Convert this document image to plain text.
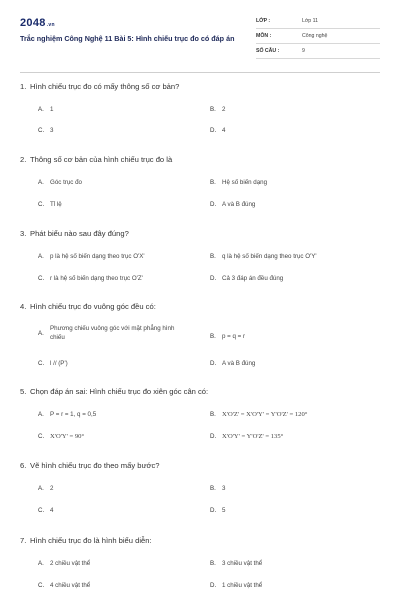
2048.vn
Trắc nghiệm Công Nghệ 11 Bài 5: Hình chiếu trục đo có đáp án
LỚP :	Lớp 11
MÔN :	Công nghệ
SỐ CÂU :	9
1. Hình chiếu trục đo có mấy thông số cơ bản?
A. 1	B. 2
C. 3	D. 4
2. Thông số cơ bản của hình chiếu trục đo là
A. Góc trục đo	B. Hệ số biến dạng
C. Tỉ lệ	D. A và B đúng
3. Phát biểu nào sau đây đúng?
A. p là hệ số biến dạng theo trục O'X'	B. q là hệ số biến dạng theo trục O'Y'
C. r là hệ số biến dạng theo trục O'Z'	D. Cả 3 đáp án đều đúng
4. Hình chiếu trục đo vuông góc đều có:
A.
Phương chiếu vuông góc với mặt phẳng hình chiếu	B. p = q = r
C. l // (P')	D. A và B đúng
5. Chọn đáp án sai: Hình chiếu trục đo xiên góc cân có:
A. P = r = 1, q = 0,5	B. X'O'Z' = X'O'Y' = Y'O'Z' = 120°
C. X'O'Y' = 90°	D. X'O'Y' = Y'O'Z' = 135°
6. Vẽ hình chiếu trục đo theo mấy bước?
A. 2	B. 3
C. 4	D. 5
7. Hình chiếu trục đo là hình biểu diễn:
A. 2 chiều vật thể	B. 3 chiều vật thể
C. 4 chiều vật thể	D. 1 chiều vật thể
